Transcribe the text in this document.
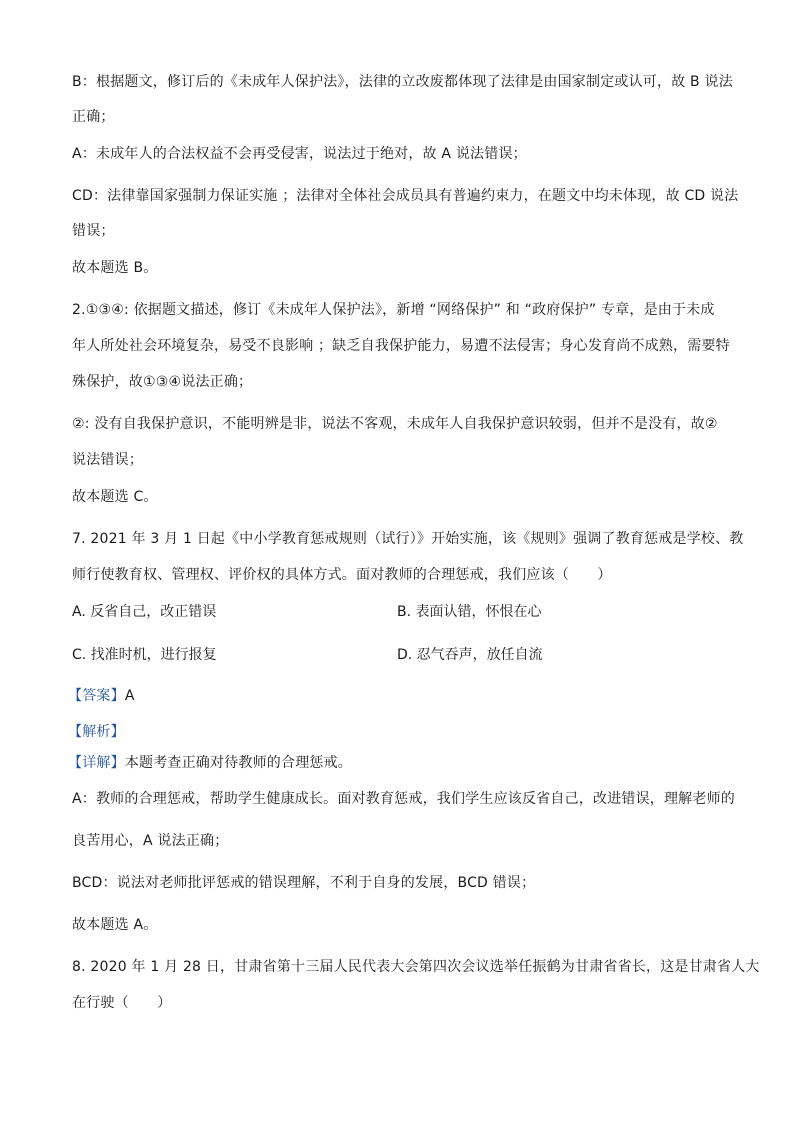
B：根据题文，修订后的《未成年人保护法》，法律的立改废都体现了法律是由国家制定或认可，故 B 说法
正确；
A：未成年人的合法权益不会再受侵害，说法过于绝对，故 A 说法错误；
CD：法律靠国家强制力保证实施 ；法律对全体社会成员具有普遍约束力，在题文中均未体现，故 CD 说法
错误；
故本题选 B。
2.①③④: 依据题文描述，修订《未成年人保护法》，新增 “网络保护” 和 “政府保护” 专章，是由于未成
年人所处社会环境复杂，易受不良影响 ；缺乏自我保护能力，易遭不法侵害；身心发育尚不成熟，需要特
殊保护，故①③④说法正确；
②: 没有自我保护意识，不能明辨是非，说法不客观，未成年人自我保护意识较弱，但并不是没有，故②
说法错误；
故本题选 C。
7. 2021 年 3 月 1 日起《中小学教育惩戒规则（试行）》开始实施，该《规则》强调了教育惩戒是学校、教
师行使教育权、管理权、评价权的具体方式。面对教师的合理惩戒，我们应该（　　）
A. 反省自己，改正错误	B. 表面认错，怀恨在心
C. 找准时机，进行报复	D. 忍气吞声，放任自流
【答案】A
【解析】
【详解】本题考查正确对待教师的合理惩戒。
A：教师的合理惩戒，帮助学生健康成长。面对教育惩戒，我们学生应该反省自己，改进错误，理解老师的
良苦用心，A 说法正确；
BCD：说法对老师批评惩戒的错误理解，不利于自身的发展，BCD 错误；
故本题选 A。
8. 2020 年 1 月 28 日，甘肃省第十三届人民代表大会第四次会议选举任振鹤为甘肃省省长，这是甘肃省人大
在行驶（　　）
